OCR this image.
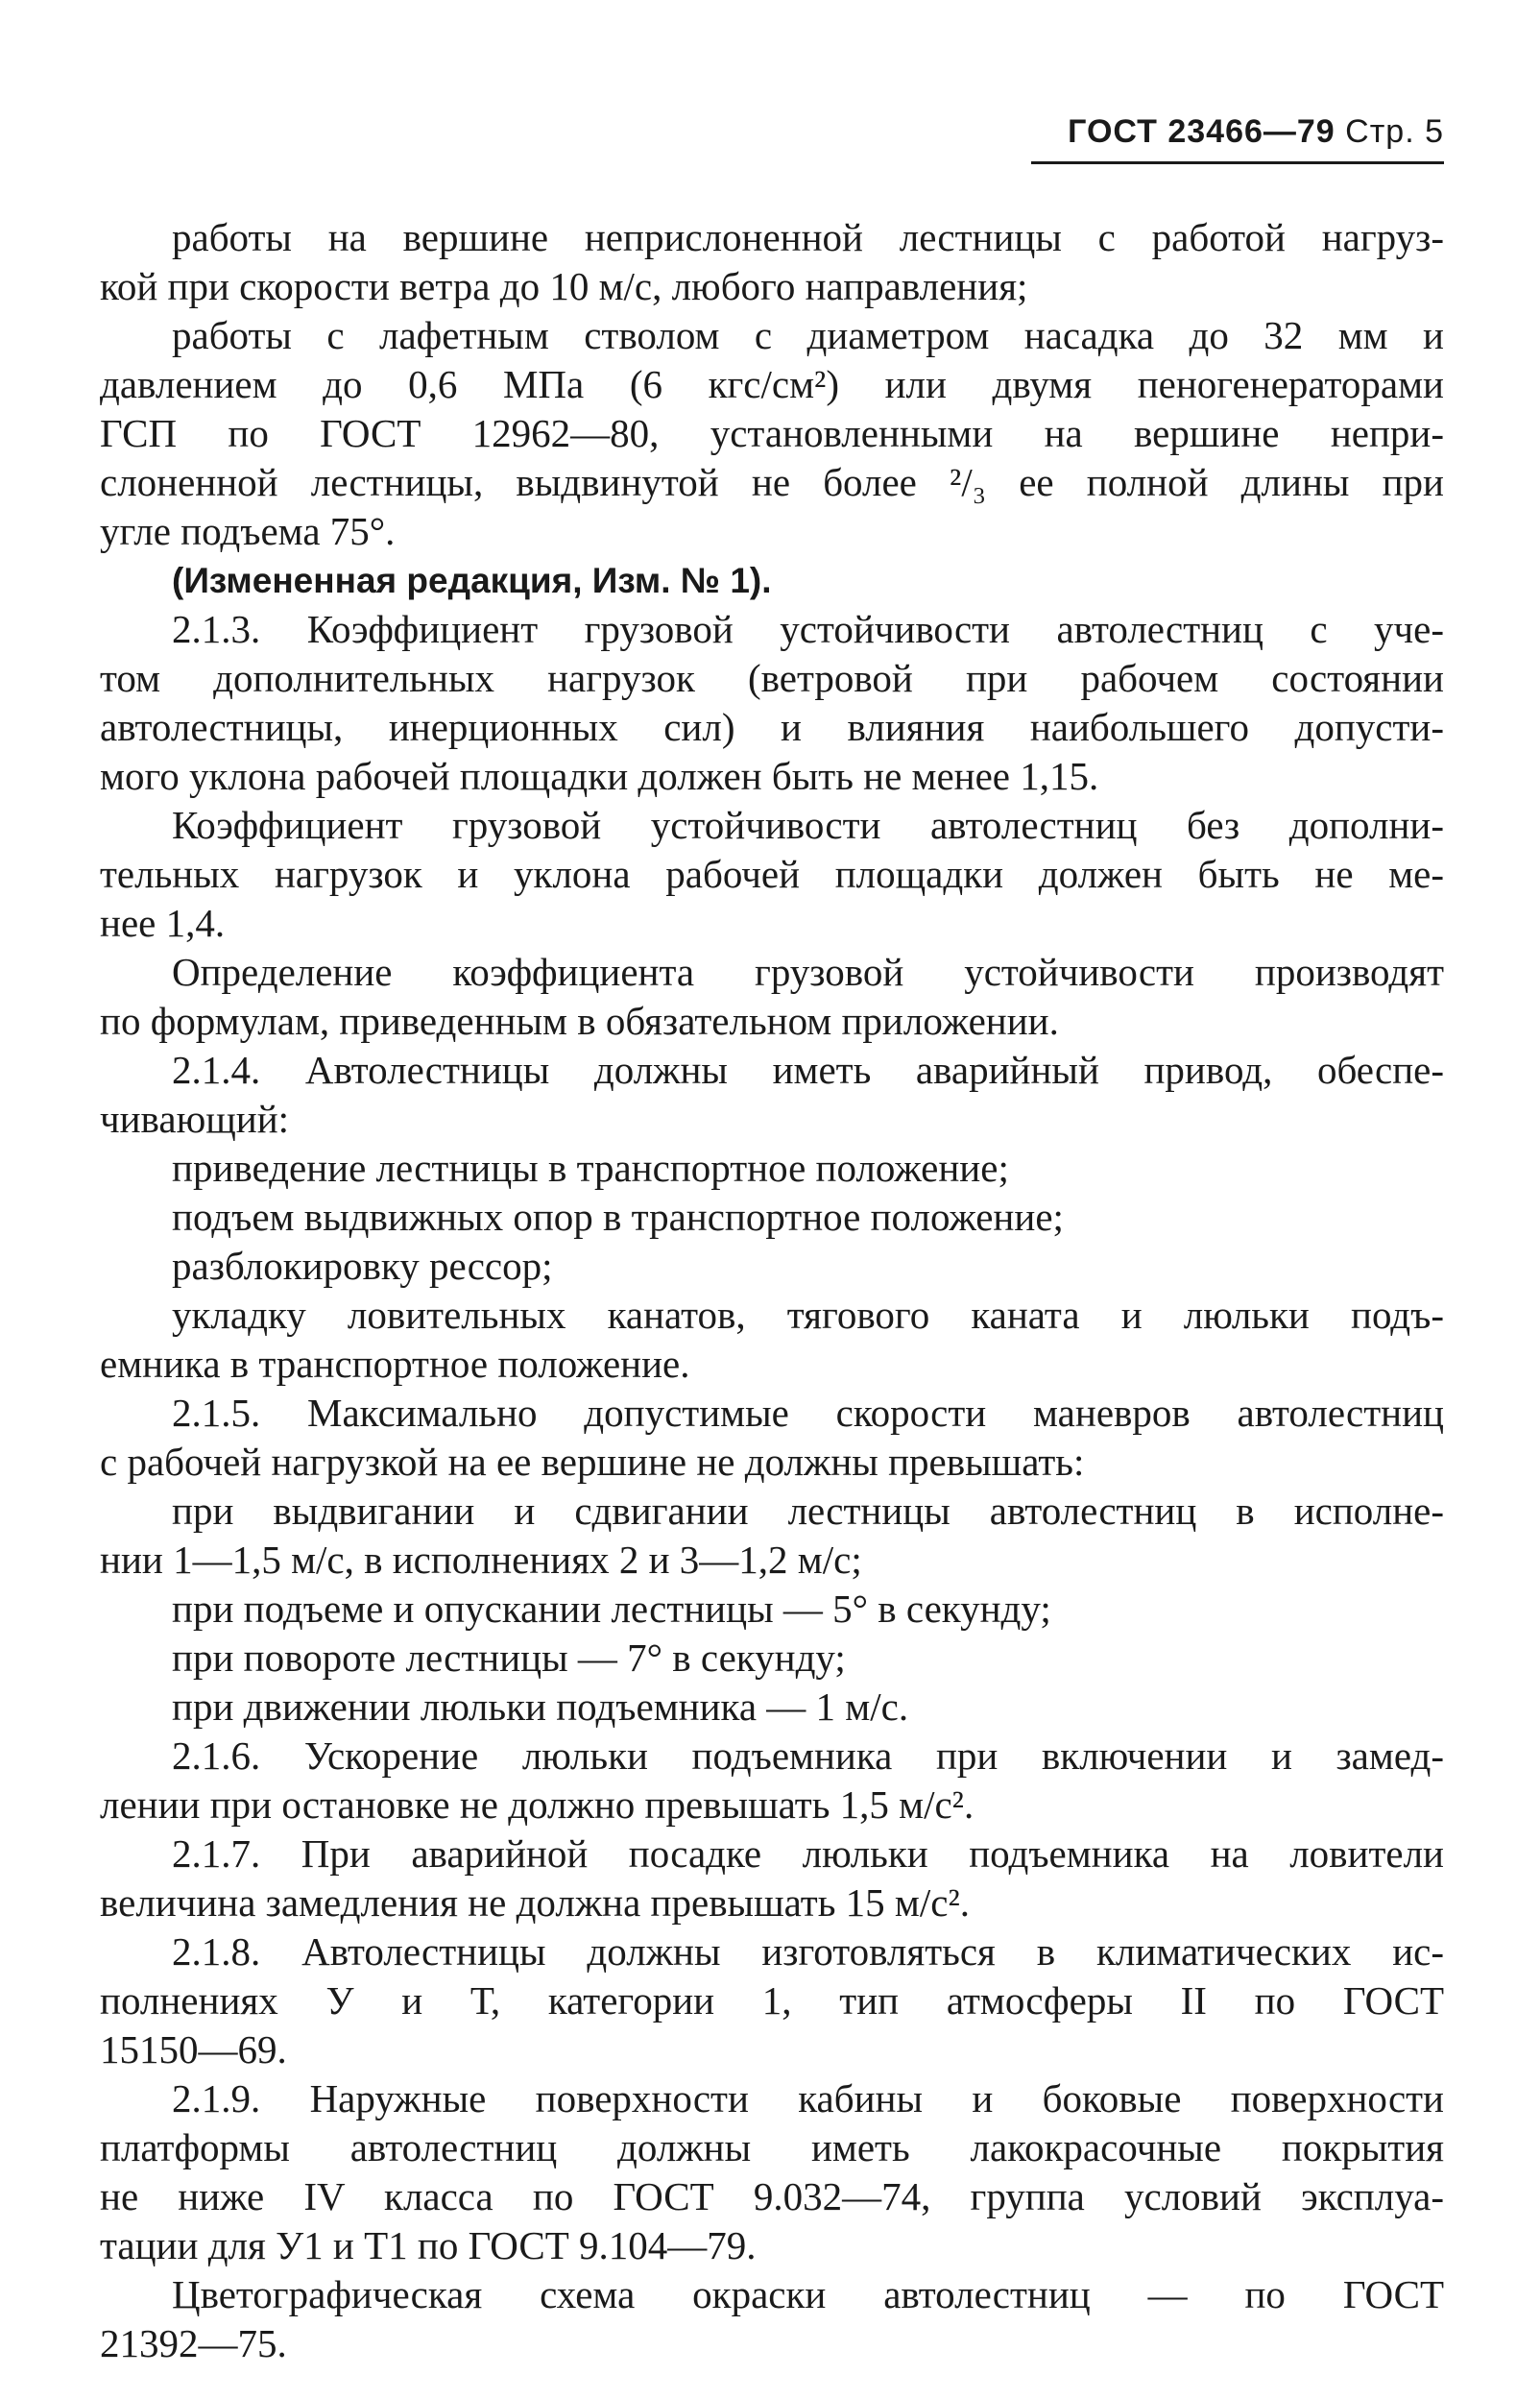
ГОСТ 23466—79 Стр. 5
работы на вершине неприслоненной лестницы с работой нагруз-
кой при скорости ветра до 10 м/с, любого направления;
работы с лафетным стволом с диаметром насадка до 32 мм и
давлением до 0,6 МПа (6 кгс/см²) или двумя пеногенераторами
ГСП по ГОСТ 12962—80, установленными на вершине непри-
слоненной лестницы, выдвинутой не более ²/₃ ее полной длины при
угле подъема 75°.
(Измененная редакция, Изм. № 1).
2.1.3. Коэффициент грузовой устойчивости автолестниц с уче-
том дополнительных нагрузок (ветровой при рабочем состоянии
автолестницы, инерционных сил) и влияния наибольшего допусти-
мого уклона рабочей площадки должен быть не менее 1,15.
Коэффициент грузовой устойчивости автолестниц без дополни-
тельных нагрузок и уклона рабочей площадки должен быть не ме-
нее 1,4.
Определение коэффициента грузовой устойчивости производят
по формулам, приведенным в обязательном приложении.
2.1.4. Автолестницы должны иметь аварийный привод, обеспе-
чивающий:
приведение лестницы в транспортное положение;
подъем выдвижных опор в транспортное положение;
разблокировку рессор;
укладку ловительных канатов, тягового каната и люльки подъ-
емника в транспортное положение.
2.1.5. Максимально допустимые скорости маневров автолестниц
с рабочей нагрузкой на ее вершине не должны превышать:
при выдвигании и сдвигании лестницы автолестниц в исполне-
нии 1—1,5 м/с, в исполнениях 2 и 3—1,2 м/с;
при подъеме и опускании лестницы — 5° в секунду;
при повороте лестницы — 7° в секунду;
при движении люльки подъемника — 1 м/с.
2.1.6. Ускорение люльки подъемника при включении и замед-
лении при остановке не должно превышать 1,5 м/с².
2.1.7. При аварийной посадке люльки подъемника на ловители
величина замедления не должна превышать 15 м/с².
2.1.8. Автолестницы должны изготовляться в климатических ис-
полнениях У и Т, категории 1, тип атмосферы II по ГОСТ
15150—69.
2.1.9. Наружные поверхности кабины и боковые поверхности
платформы автолестниц должны иметь лакокрасочные покрытия
не ниже IV класса по ГОСТ 9.032—74, группа условий эксплуа-
тации для У1 и Т1 по ГОСТ 9.104—79.
Цветографическая схема окраски автолестниц — по ГОСТ
21392—75.
